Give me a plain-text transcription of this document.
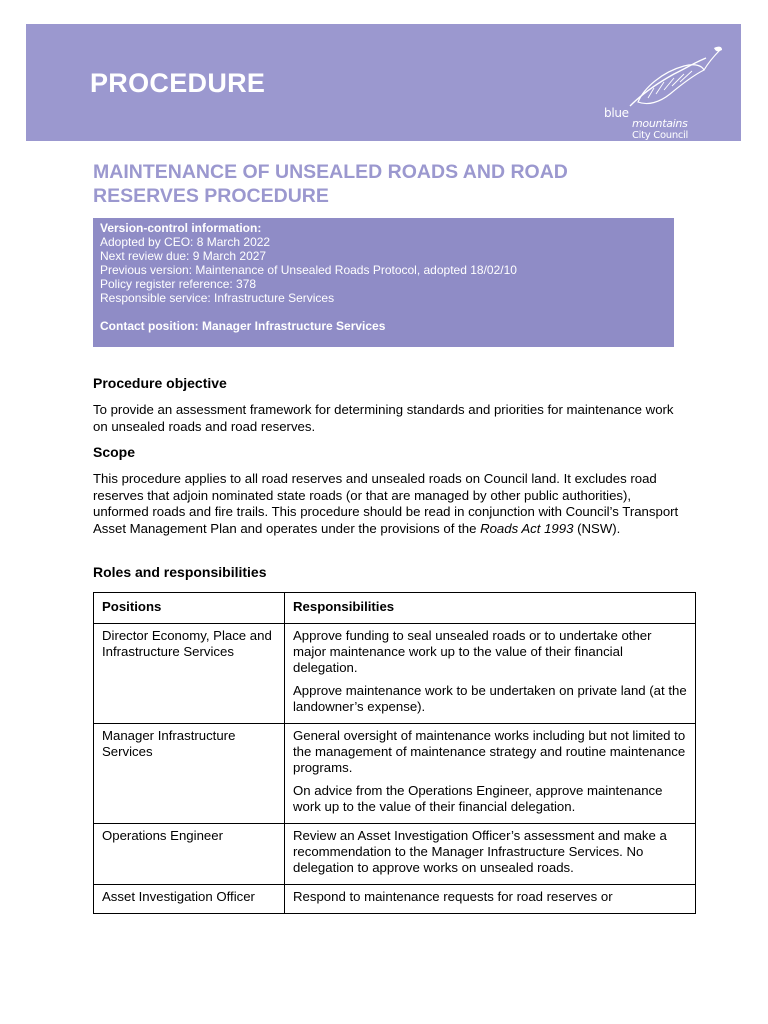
PROCEDURE
blue
mountains
City Council
MAINTENANCE OF UNSEALED ROADS AND ROAD
RESERVES PROCEDURE
Version-control information:
Adopted by CEO: 8 March 2022
Next review due: 9 March 2027
Previous version: Maintenance of Unsealed Roads Protocol, adopted 18/02/10
Policy register reference: 378
Responsible service: Infrastructure Services
Contact position: Manager Infrastructure Services
Procedure objective
To provide an assessment framework for determining standards and priorities for maintenance work on unsealed roads and road reserves.
Scope
This procedure applies to all road reserves and unsealed roads on Council land. It excludes road reserves that adjoin nominated state roads (or that are managed by other public authorities), unformed roads and fire trails. This procedure should be read in conjunction with Council’s Transport Asset Management Plan and operates under the provisions of the Roads Act 1993 (NSW).
Roles and responsibilities
Positions	Responsibilities
Director Economy, Place and Infrastructure Services	Approve funding to seal unsealed roads or to undertake other major maintenance work up to the value of their financial delegation.

Approve maintenance work to be undertaken on private land (at the landowner’s expense).

Manager Infrastructure Services	General oversight of maintenance works including but not limited to the management of maintenance strategy and routine maintenance programs.

On advice from the Operations Engineer, approve maintenance work up to the value of their financial delegation.

Operations Engineer	Review an Asset Investigation Officer’s assessment and make a recommendation to the Manager Infrastructure Services. No delegation to approve works on unsealed roads.

Asset Investigation Officer	Respond to maintenance requests for road reserves or
